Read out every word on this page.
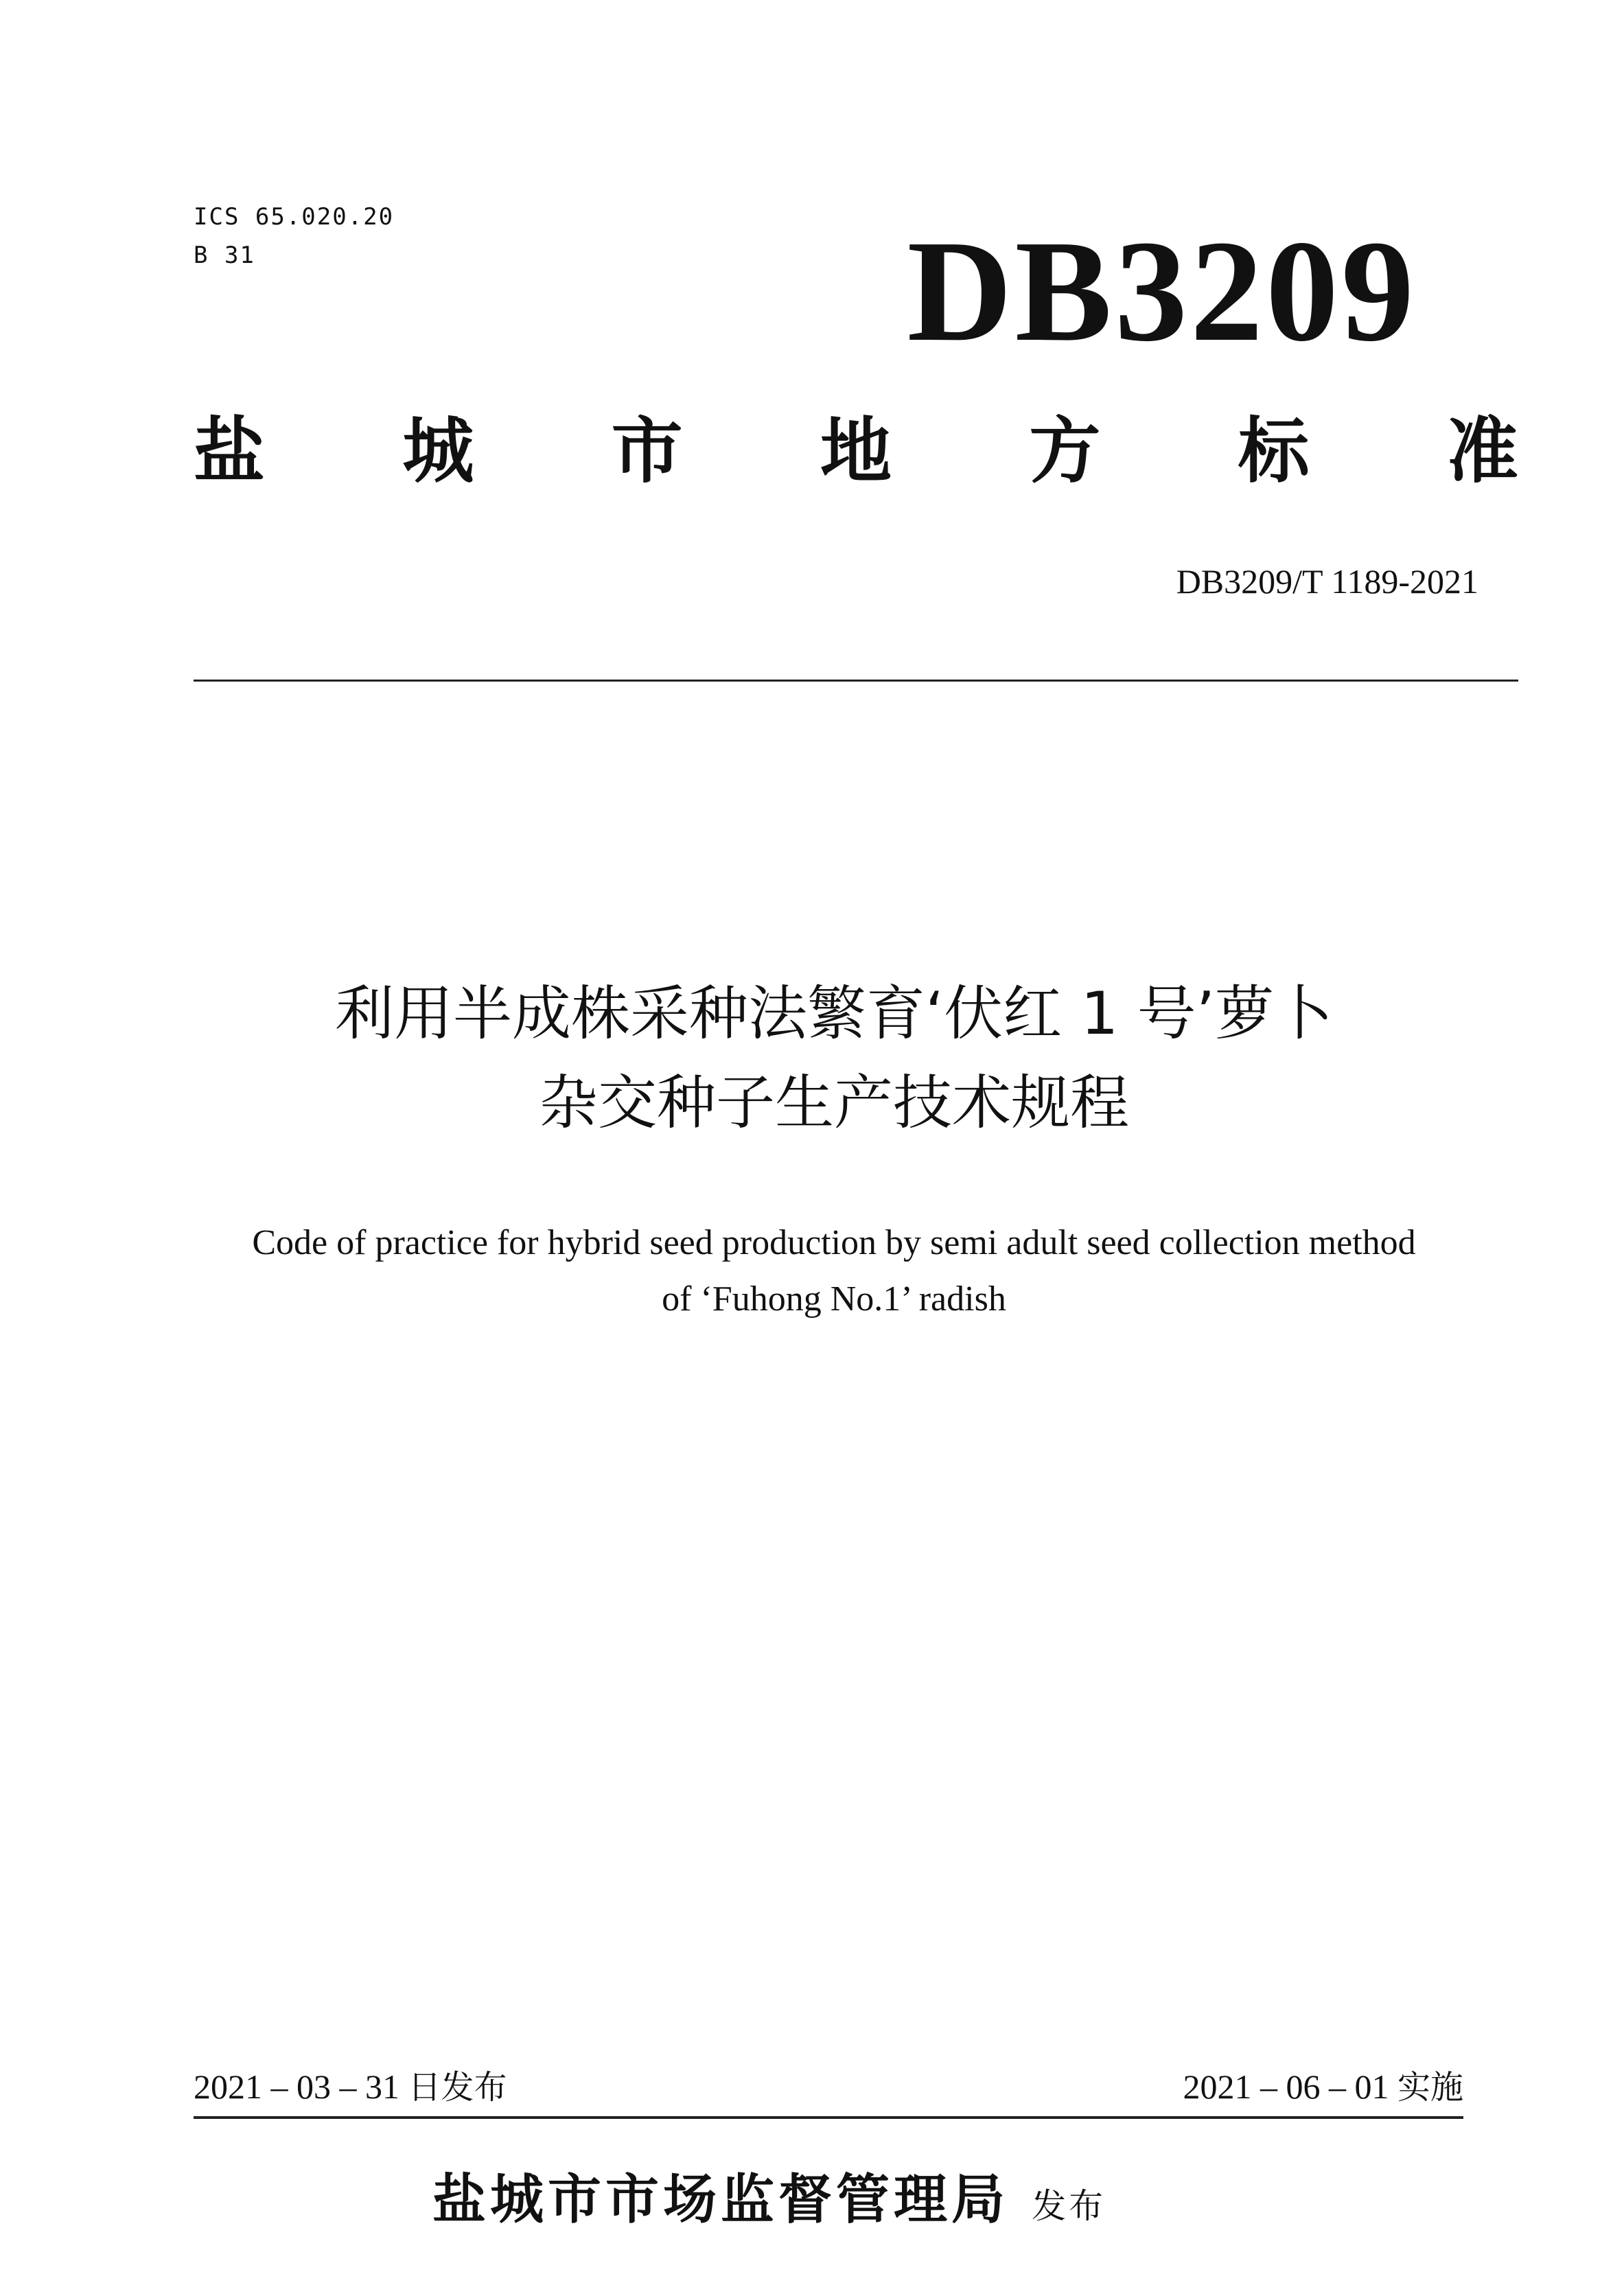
ICS 65.020.20
B 31	DB3209
盐 城 市 地 方 标 准
DB3209/T 1189-2021
利用半成株采种法繁育‘伏红 1 号’萝卜
杂交种子生产技术规程
Code of practice for hybrid seed production by semi adult seed collection method
of ‘Fuhong No.1’ radish
2021 – 03 – 31 日发布	2021 – 06 – 01 实施
盐城市市场监督管理局 发布
